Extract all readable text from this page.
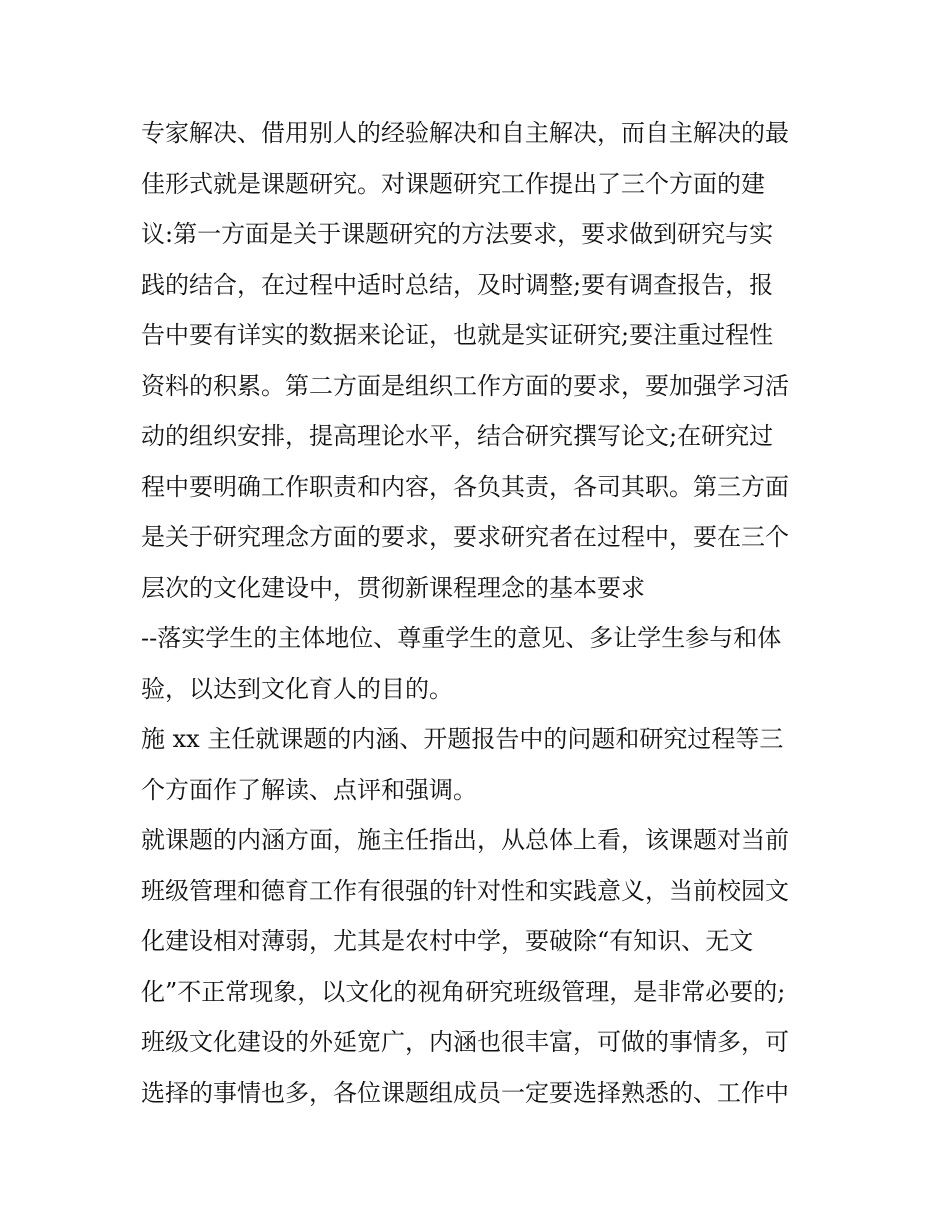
专家解决、借用别人的经验解决和自主解决，而自主解决的最
佳形式就是课题研究。对课题研究工作提出了三个方面的建
议:第一方面是关于课题研究的方法要求，要求做到研究与实
践的结合，在过程中适时总结，及时调整;要有调查报告，报
告中要有详实的数据来论证，也就是实证研究;要注重过程性
资料的积累。第二方面是组织工作方面的要求，要加强学习活
动的组织安排，提高理论水平，结合研究撰写论文;在研究过
程中要明确工作职责和内容，各负其责，各司其职。第三方面
是关于研究理念方面的要求，要求研究者在过程中，要在三个
层次的文化建设中，贯彻新课程理念的基本要求
--落实学生的主体地位、尊重学生的意见、多让学生参与和体
验，以达到文化育人的目的。
施 xx 主任就课题的内涵、开题报告中的问题和研究过程等三
个方面作了解读、点评和强调。
就课题的内涵方面，施主任指出，从总体上看，该课题对当前
班级管理和德育工作有很强的针对性和实践意义，当前校园文
化建设相对薄弱，尤其是农村中学，要破除“有知识、无文
化”不正常现象，以文化的视角研究班级管理，是非常必要的;
班级文化建设的外延宽广，内涵也很丰富，可做的事情多，可
选择的事情也多，各位课题组成员一定要选择熟悉的、工作中
